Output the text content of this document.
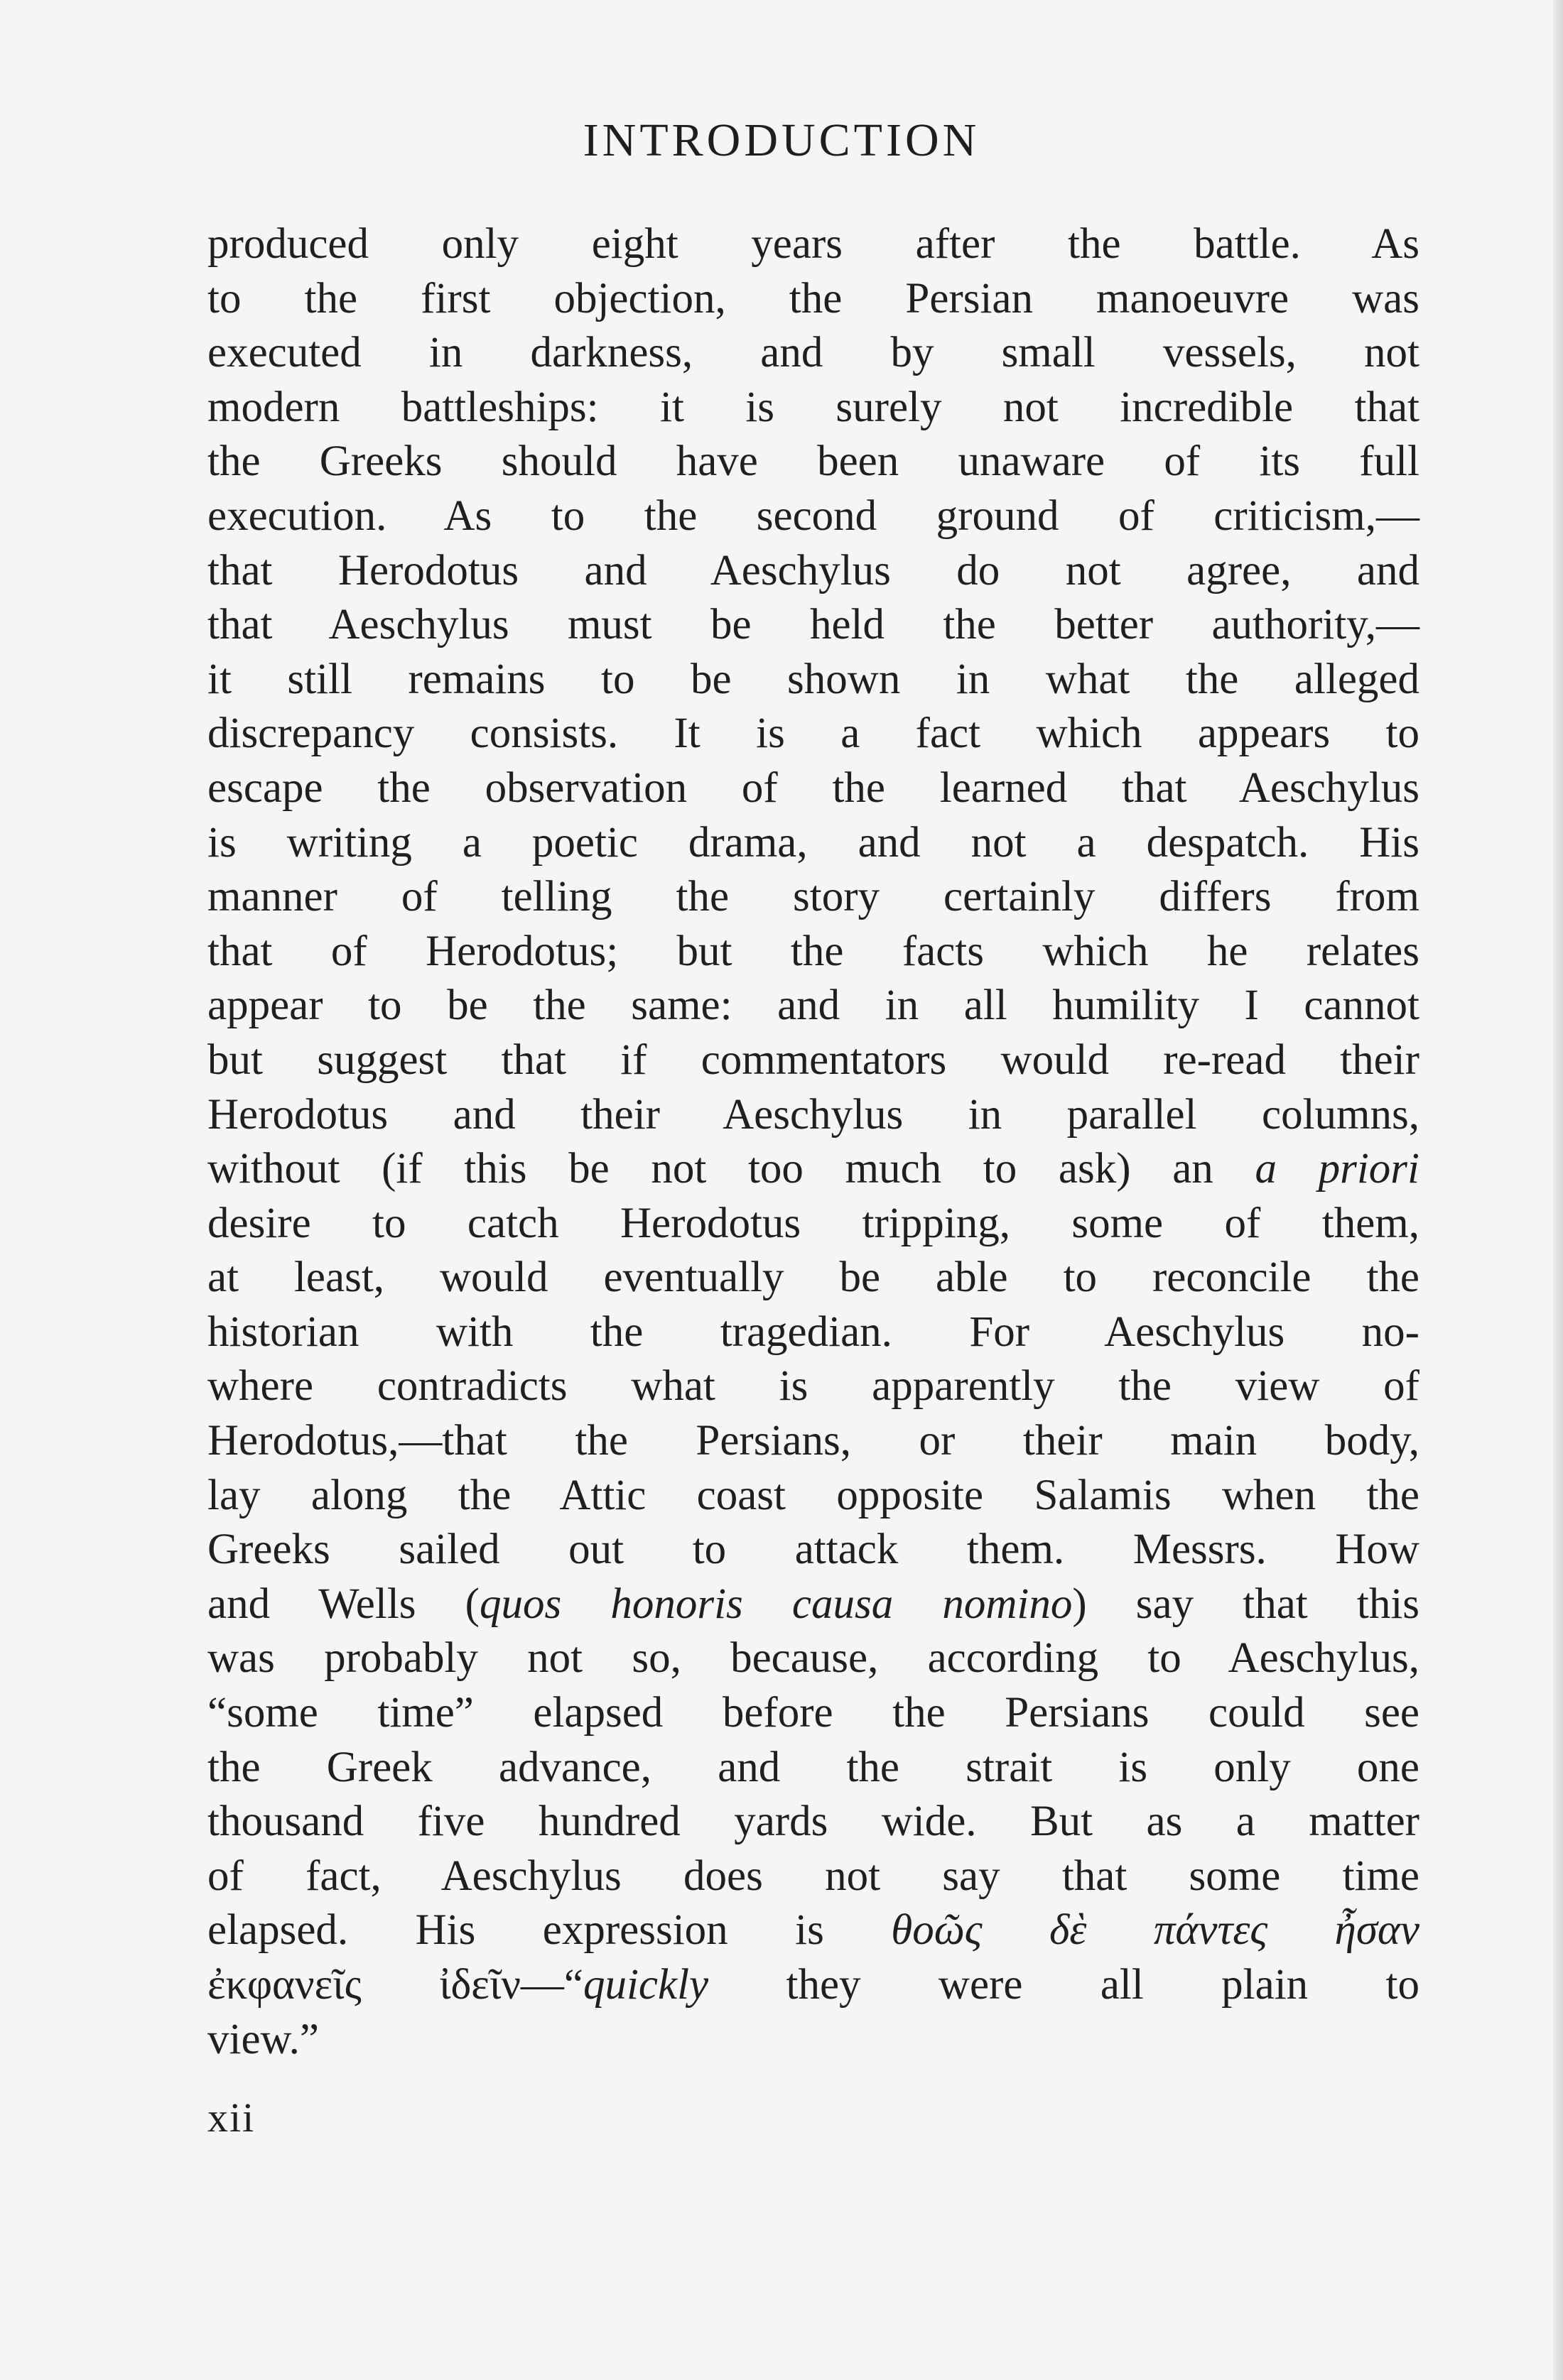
INTRODUCTION
produced only eight years after the battle. As
to the first objection, the Persian manoeuvre was
executed in darkness, and by small vessels, not
modern battleships: it is surely not incredible that
the Greeks should have been unaware of its full
execution. As to the second ground of criticism,—
that Herodotus and Aeschylus do not agree, and
that Aeschylus must be held the better authority,—
it still remains to be shown in what the alleged
discrepancy consists. It is a fact which appears to
escape the observation of the learned that Aeschylus
is writing a poetic drama, and not a despatch. His
manner of telling the story certainly differs from
that of Herodotus; but the facts which he relates
appear to be the same: and in all humility I cannot
but suggest that if commentators would re-read their
Herodotus and their Aeschylus in parallel columns,
without (if this be not too much to ask) an a priori
desire to catch Herodotus tripping, some of them,
at least, would eventually be able to reconcile the
historian with the tragedian. For Aeschylus no-
where contradicts what is apparently the view of
Herodotus,—that the Persians, or their main body,
lay along the Attic coast opposite Salamis when the
Greeks sailed out to attack them. Messrs. How
and Wells (quos honoris causa nomino) say that this
was probably not so, because, according to Aeschylus,
“some time” elapsed before the Persians could see
the Greek advance, and the strait is only one
thousand five hundred yards wide. But as a matter
of fact, Aeschylus does not say that some time
elapsed. His expression is θοῶς δὲ πάντες ἦσαν
ἐκφανεῖς ἰδεῖν—“quickly they were all plain to
view.”
xii
